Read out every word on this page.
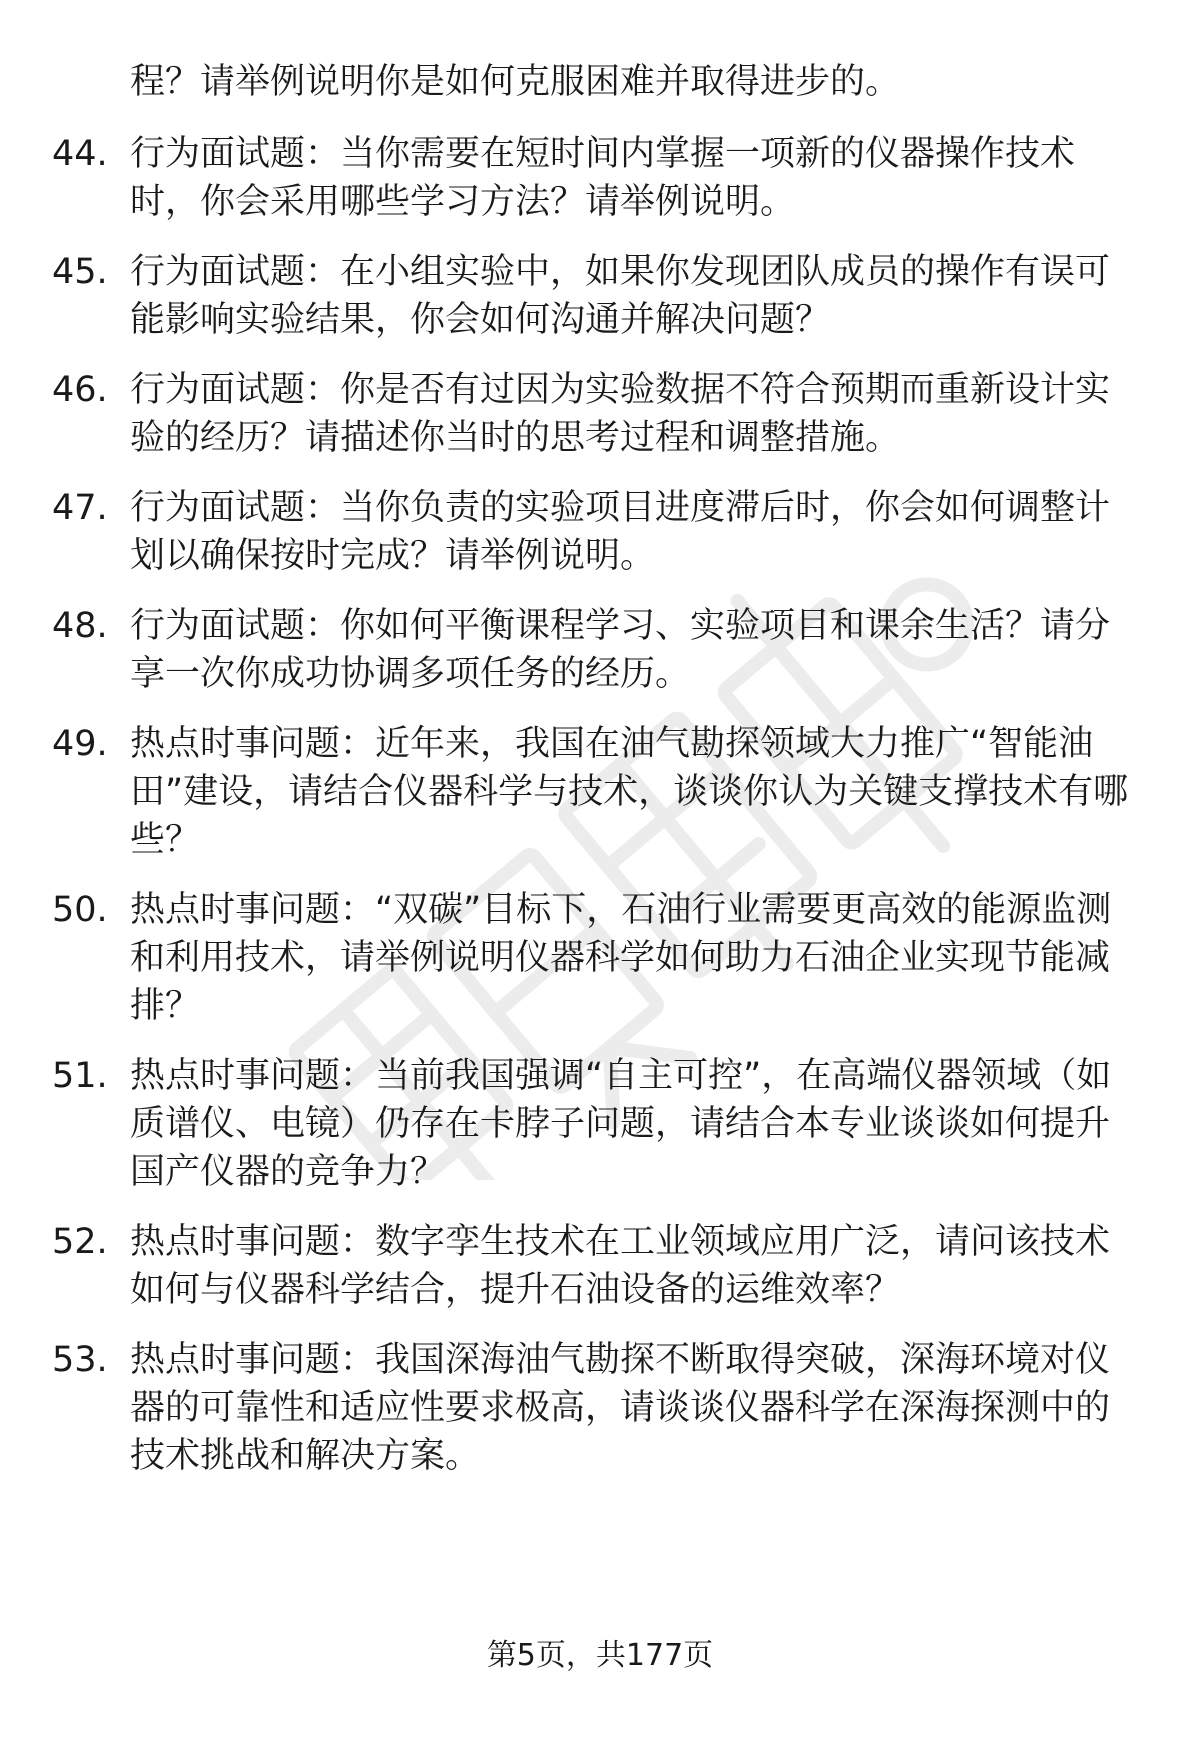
程？请举例说明你是如何克服困难并取得进步的。

44. 行为面试题：当你需要在短时间内掌握一项新的仪器操作技术时，你会采用哪些学习方法？请举例说明。

45. 行为面试题：在小组实验中，如果你发现团队成员的操作有误可能影响实验结果，你会如何沟通并解决问题？

46. 行为面试题：你是否有过因为实验数据不符合预期而重新设计实验的经历？请描述你当时的思考过程和调整措施。

47. 行为面试题：当你负责的实验项目进度滞后时，你会如何调整计划以确保按时完成？请举例说明。

48. 行为面试题：你如何平衡课程学习、实验项目和课余生活？请分享一次你成功协调多项任务的经历。

49. 热点时事问题：近年来，我国在油气勘探领域大力推广“智能油田”建设，请结合仪器科学与技术，谈谈你认为关键支撑技术有哪些？

50. 热点时事问题：“双碳”目标下，石油行业需要更高效的能源监测和利用技术，请举例说明仪器科学如何助力石油企业实现节能减排？

51. 热点时事问题：当前我国强调“自主可控”，在高端仪器领域（如质谱仪、电镜）仍存在卡脖子问题，请结合本专业谈谈如何提升国产仪器的竞争力？

52. 热点时事问题：数字孪生技术在工业领域应用广泛，请问该技术如何与仪器科学结合，提升石油设备的运维效率？

53. 热点时事问题：我国深海油气勘探不断取得突破，深海环境对仪器的可靠性和适应性要求极高，请谈谈仪器科学在深海探测中的技术挑战和解决方案。

第5页，共177页
